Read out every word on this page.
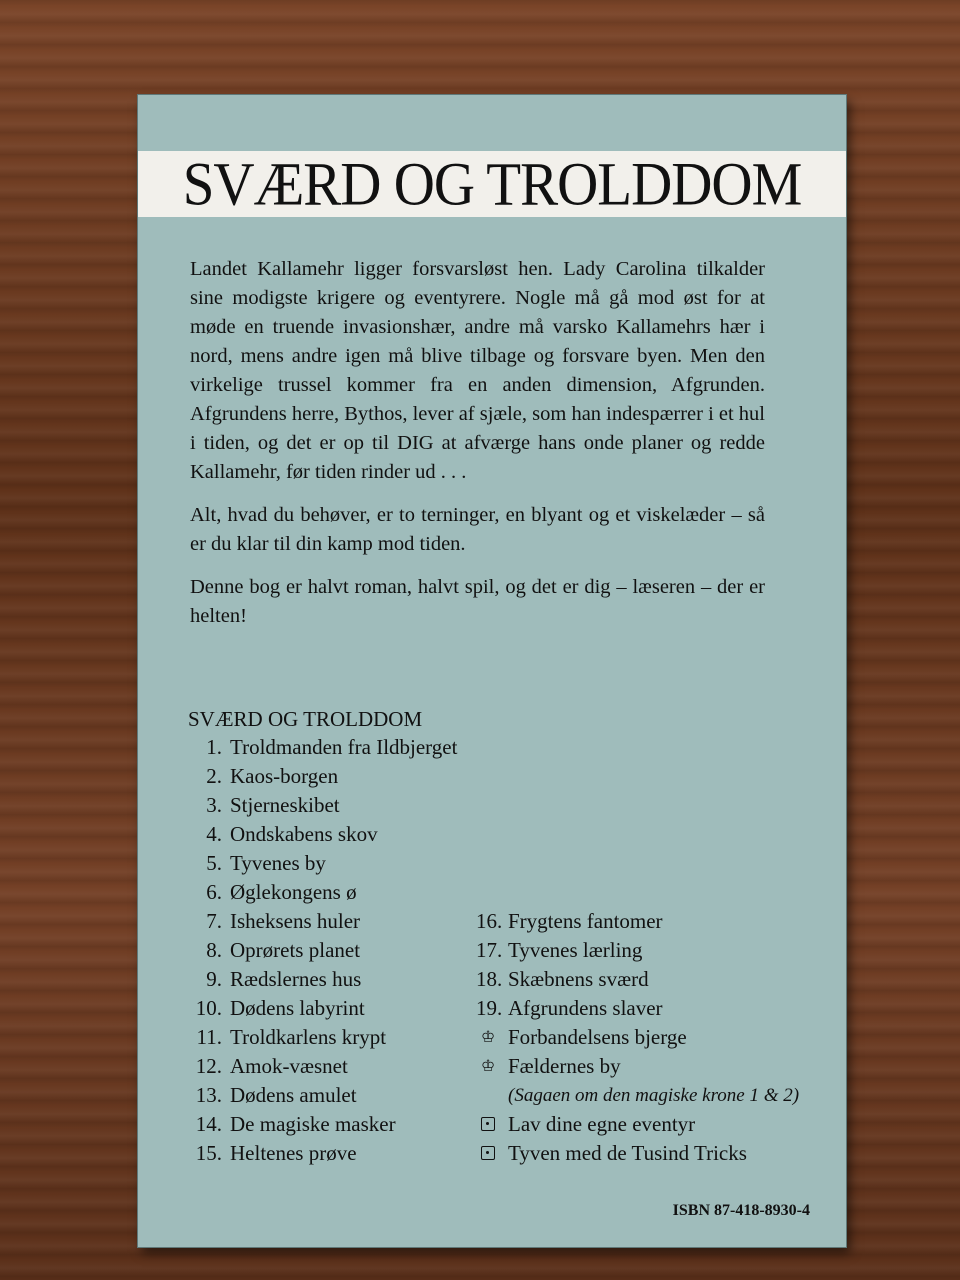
SVÆRD OG TROLDDOM

Landet Kallamehr ligger forsvarsløst hen. Lady Carolina tilkalder sine modigste krigere og eventyrere. Nogle må gå mod øst for at møde en truende invasionshær, andre må varsko Kallamehrs hær i nord, mens andre igen må blive tilbage og forsvare byen. Men den virkelige trussel kommer fra en anden dimension, Afgrunden. Afgrundens herre, Bythos, lever af sjæle, som han indespærrer i et hul i tiden, og det er op til DIG at afværge hans onde planer og redde Kallamehr, før tiden rinder ud . . .

Alt, hvad du behøver, er to terninger, en blyant og et viskelæder – så er du klar til din kamp mod tiden.

Denne bog er halvt roman, halvt spil, og det er dig – læseren – der er helten!

SVÆRD OG TROLDDOM
1. Troldmanden fra Ildbjerget
2. Kaos-borgen
3. Stjerneskibet
4. Ondskabens skov
5. Tyvenes by
6. Øglekongens ø
7. Isheksens huler
8. Oprørets planet
9. Rædslernes hus
10. Dødens labyrint
11. Troldkarlens krypt
12. Amok-væsnet
13. Dødens amulet
14. De magiske masker
15. Heltenes prøve
16. Frygtens fantomer
17. Tyvenes lærling
18. Skæbnens sværd
19. Afgrundens slaver
♔ Forbandelsens bjerge
♔ Fældernes by
(Sagaen om den magiske krone 1 & 2)
Lav dine egne eventyr
Tyven med de Tusind Tricks
ISBN 87-418-8930-4
